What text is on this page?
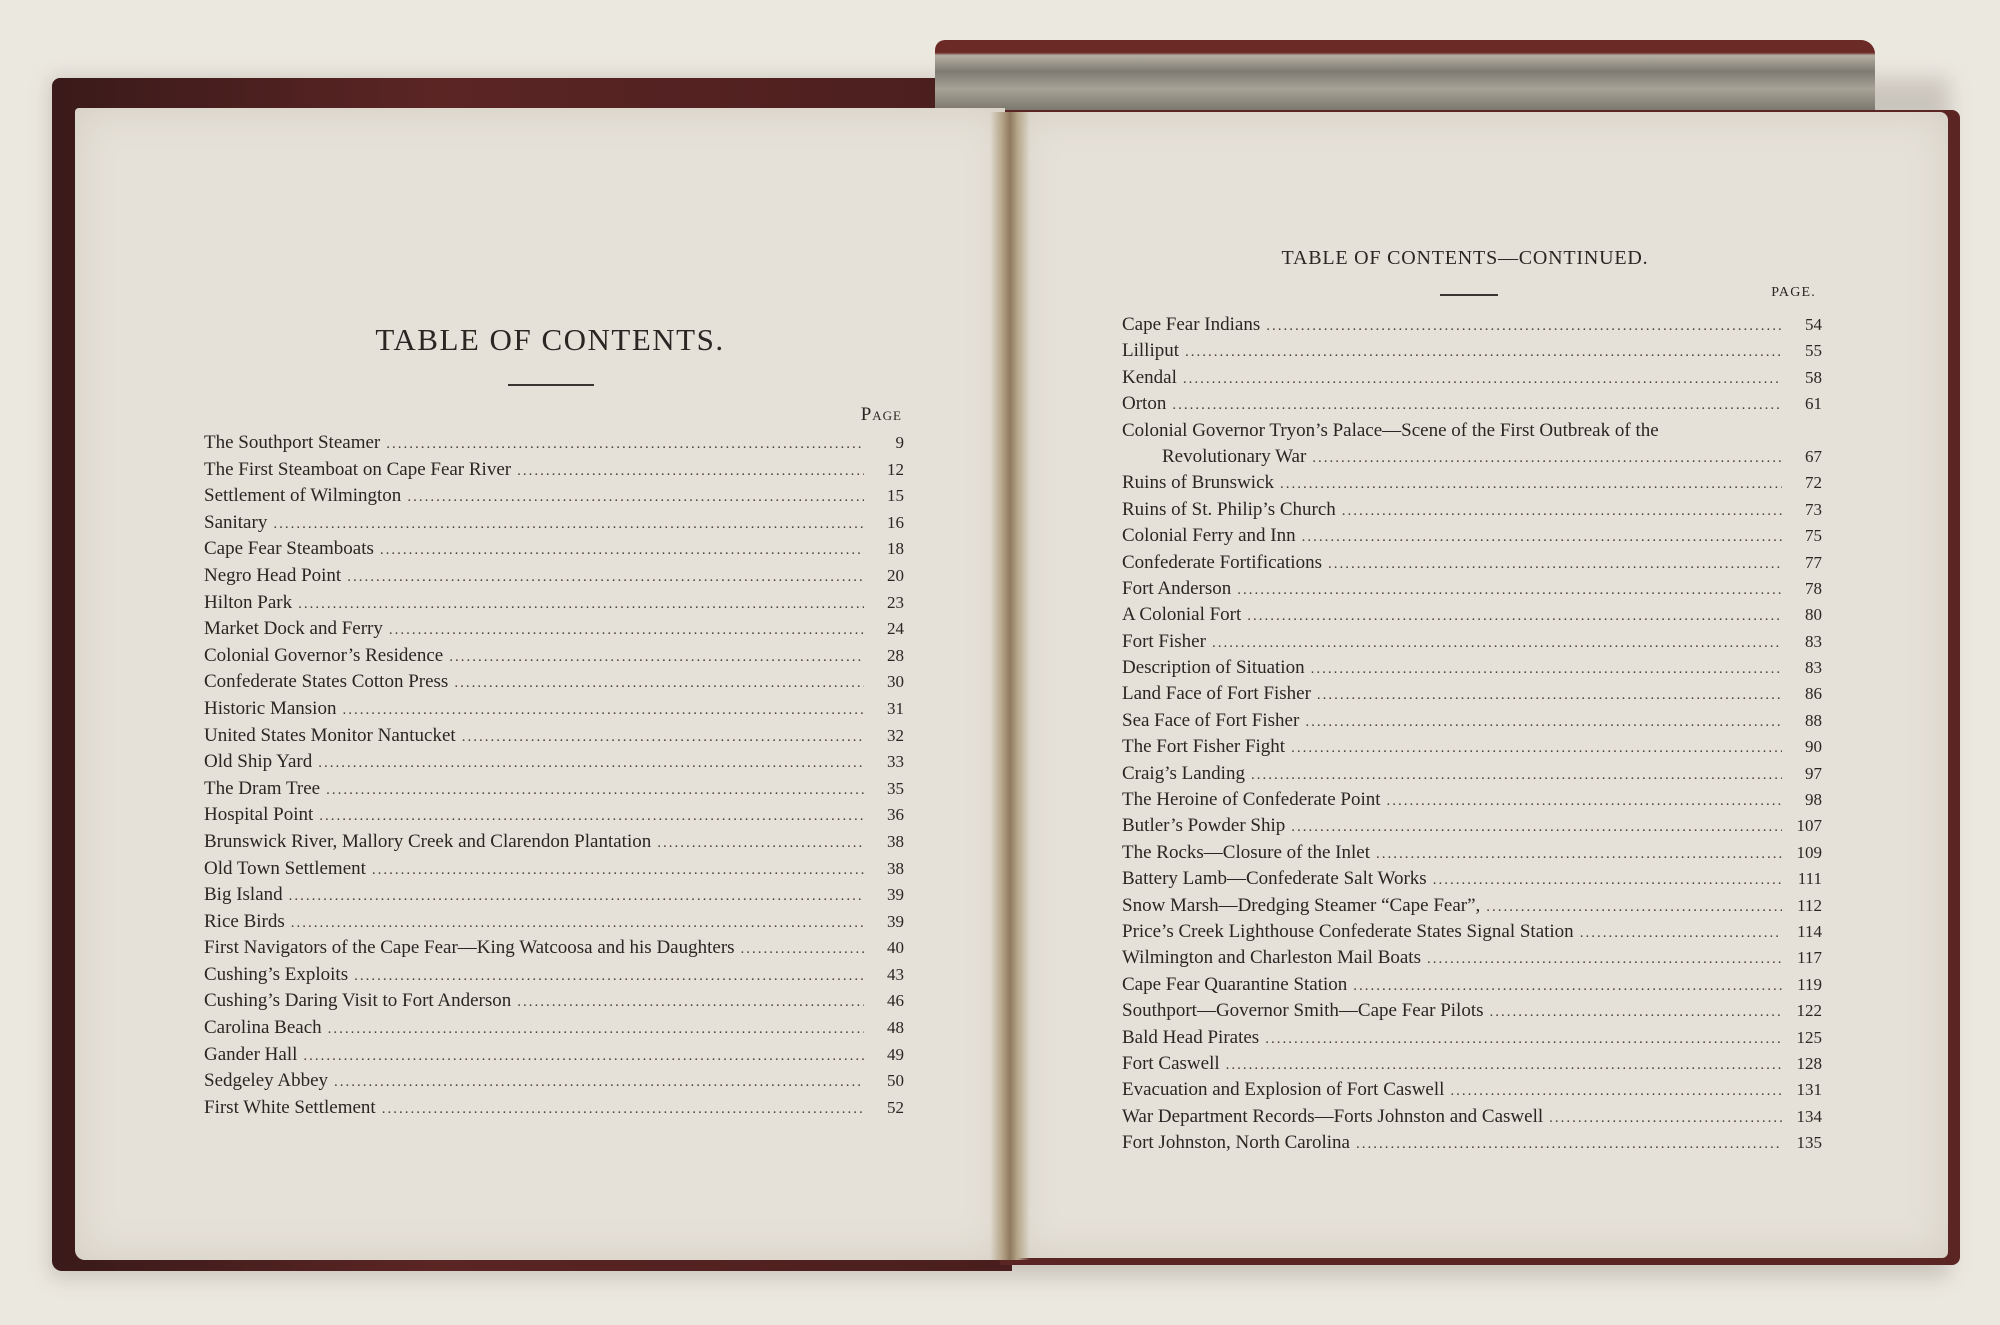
TABLE OF CONTENTS.
Page
The Southport Steamer .....	9
The First Steamboat on Cape Fear River .....	12
Settlement of Wilmington .....	15
Sanitary .....	16
Cape Fear Steamboats .....	18
Negro Head Point .....	20
Hilton Park .....	23
Market Dock and Ferry .....	24
Colonial Governor’s Residence .....	28
Confederate States Cotton Press .....	30
Historic Mansion .....	31
United States Monitor Nantucket .....	32
Old Ship Yard .....	33
The Dram Tree .....	35
Hospital Point .....	36
Brunswick River, Mallory Creek and Clarendon Plantation .....	38
Old Town Settlement .....	38
Big Island .....	39
Rice Birds .....	39
First Navigators of the Cape Fear—King Watcoosa and his Daughters .....	40
Cushing’s Exploits .....	43
Cushing’s Daring Visit to Fort Anderson .....	46
Carolina Beach .....	48
Gander Hall .....	49
Sedgeley Abbey .....	50
First White Settlement .....	52
TABLE OF CONTENTS—CONTINUED.
PAGE.
Cape Fear Indians .....	54
Lilliput .....	55
Kendal .....	58
Orton .....	61
Colonial Governor Tryon’s Palace—Scene of the First Outbreak of the
Revolutionary War .....	67
Ruins of Brunswick .....	72
Ruins of St. Philip’s Church .....	73
Colonial Ferry and Inn .....	75
Confederate Fortifications .....	77
Fort Anderson .....	78
A Colonial Fort .....	80
Fort Fisher .....	83
Description of Situation .....	83
Land Face of Fort Fisher .....	86
Sea Face of Fort Fisher .....	88
The Fort Fisher Fight .....	90
Craig’s Landing .....	97
The Heroine of Confederate Point .....	98
Butler’s Powder Ship .....	107
The Rocks—Closure of the Inlet .....	109
Battery Lamb—Confederate Salt Works .....	111
Snow Marsh—Dredging Steamer “Cape Fear”, .....	112
Price’s Creek Lighthouse Confederate States Signal Station .....	114
Wilmington and Charleston Mail Boats .....	117
Cape Fear Quarantine Station .....	119
Southport—Governor Smith—Cape Fear Pilots .....	122
Bald Head Pirates .....	125
Fort Caswell .....	128
Evacuation and Explosion of Fort Caswell .....	131
War Department Records—Forts Johnston and Caswell .....	134
Fort Johnston, North Carolina .....	135
